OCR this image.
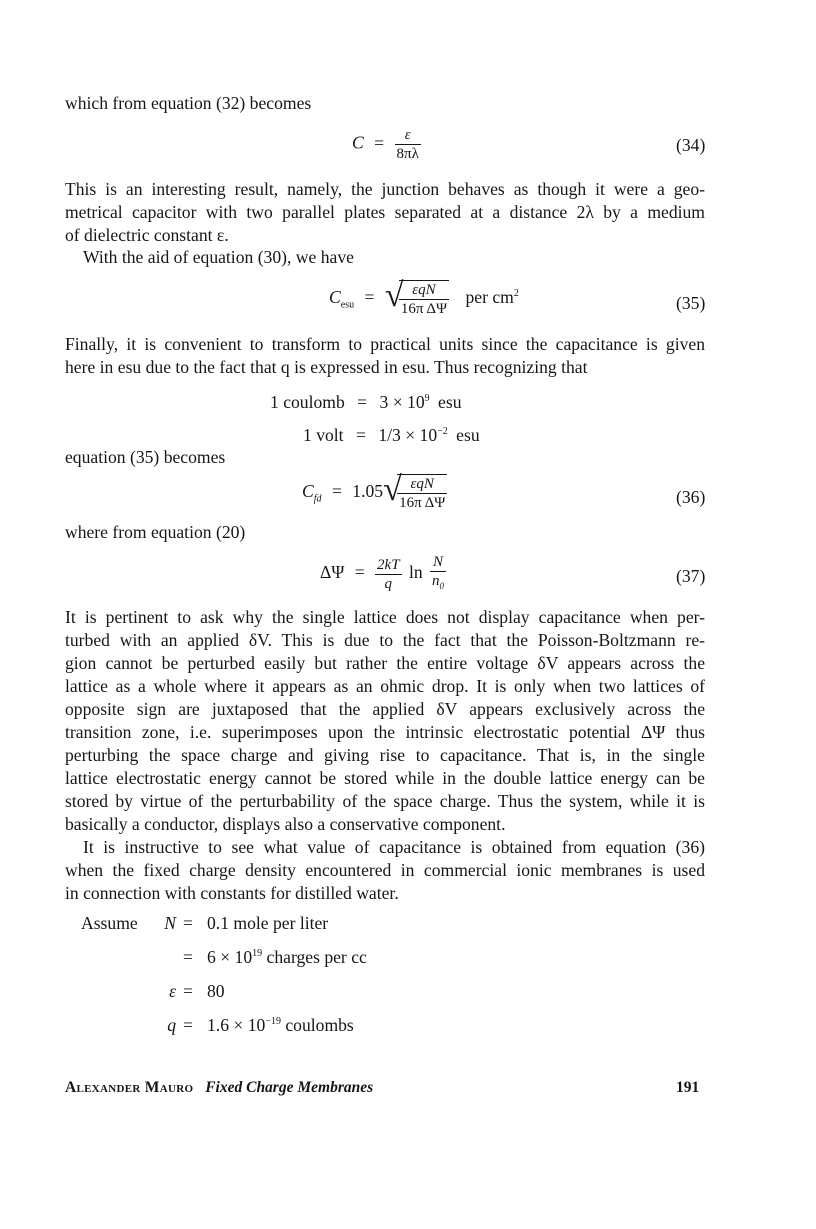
which from equation (32) becomes
$C = \frac{\varepsilon}{8\pi\lambda}$	(34)
This is an interesting result, namely, the junction behaves as though it were a geo-
metrical capacitor with two parallel plates separated at a distance 2λ by a medium
of dielectric constant ε.
With the aid of equation (30), we have
$C_{esu}$ = √
$\frac{\text{εqN}}{\text{16π ΔΨ}}$ per $cm^2$	(35)
Finally, it is convenient to transform to practical units since the capacitance is given
here in esu due to the fact that q is expressed in esu. Thus recognizing that
1 coulomb = $3 \times 10^9$ esu
1 volt = $1/3 \times 10^{-2}$ esu
equation (35) becomes
$C_{fd} = 1.05$ √
$\frac{\text{εqN}}{\text{16π ΔΨ}}$	(36)
where from equation (20)
$\Delta\Psi = \frac{2kT}{q}$ $\ln \frac{N}{n_0}$	(37)
It is pertinent to ask why the single lattice does not display capacitance when per-
turbed with an applied δV. This is due to the fact that the Poisson-Boltzmann re-
gion cannot be perturbed easily but rather the entire voltage δV appears across the
lattice as a whole where it appears as an ohmic drop. It is only when two lattices of
opposite sign are juxtaposed that the applied δV appears exclusively across the
transition zone, i.e. superimposes upon the intrinsic electrostatic potential ΔΨ thus
perturbing the space charge and giving rise to capacitance. That is, in the single
lattice electrostatic energy cannot be stored while in the double lattice energy can be
stored by virtue of the perturbability of the space charge. Thus the system, while it is
basically a conductor, displays also a conservative component.
It is instructive to see what value of capacitance is obtained from equation (36)
when the fixed charge density encountered in commercial ionic membranes is used
in connection with constants for distilled water.
Assume	N = 0.1 mole per liter
= $6 \times 10^{19}$ charges per cc
ε = 80
$q = 1.6 \times 10^{-19}$ coulombs
Alexander Mauro Fixed Charge Membranes	191
